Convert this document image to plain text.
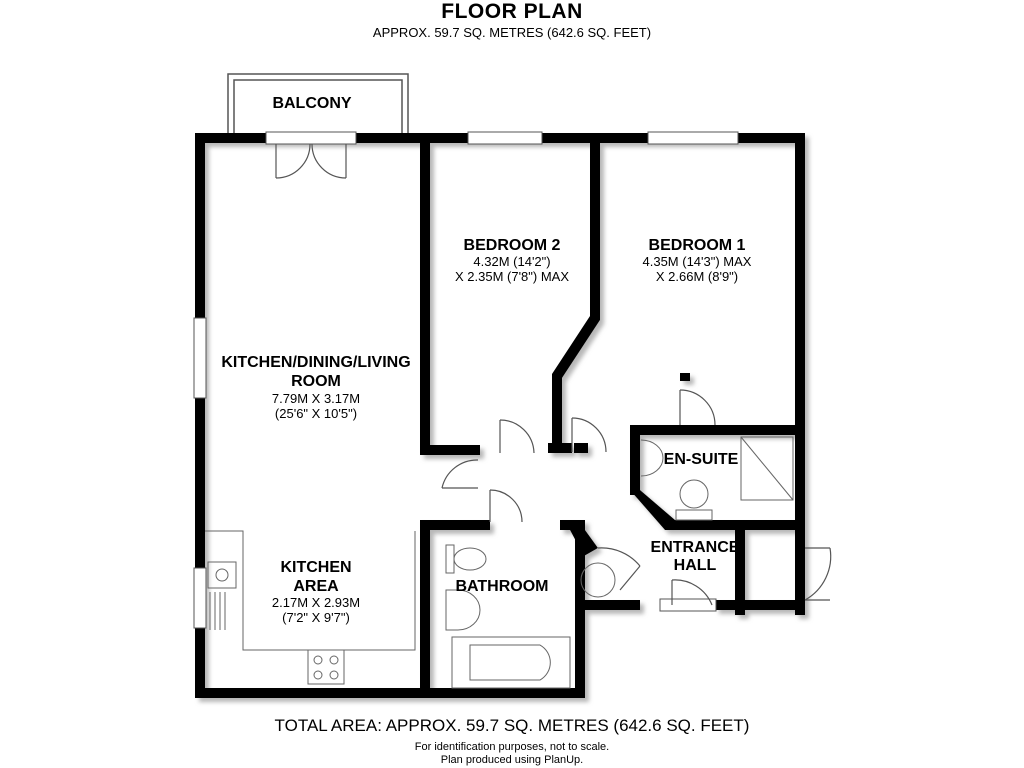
FLOOR PLAN
APPROX. 59.7 SQ. METRES (642.6 SQ. FEET)
BALCONY
KITCHEN/DINING/LIVING
ROOM
7.79M X 3.17M
(25'6" X 10'5")
KITCHEN
AREA
2.17M X 2.93M
(7'2" X 9'7")
BEDROOM 2
4.32M (14'2")
X 2.35M (7'8") MAX
BEDROOM 1
4.35M (14'3") MAX
X 2.66M (8'9")
EN-SUITE
BATHROOM
ENTRANCE
HALL
TOTAL AREA: APPROX. 59.7 SQ. METRES (642.6 SQ. FEET)
For identification purposes, not to scale.
Plan produced using PlanUp.
